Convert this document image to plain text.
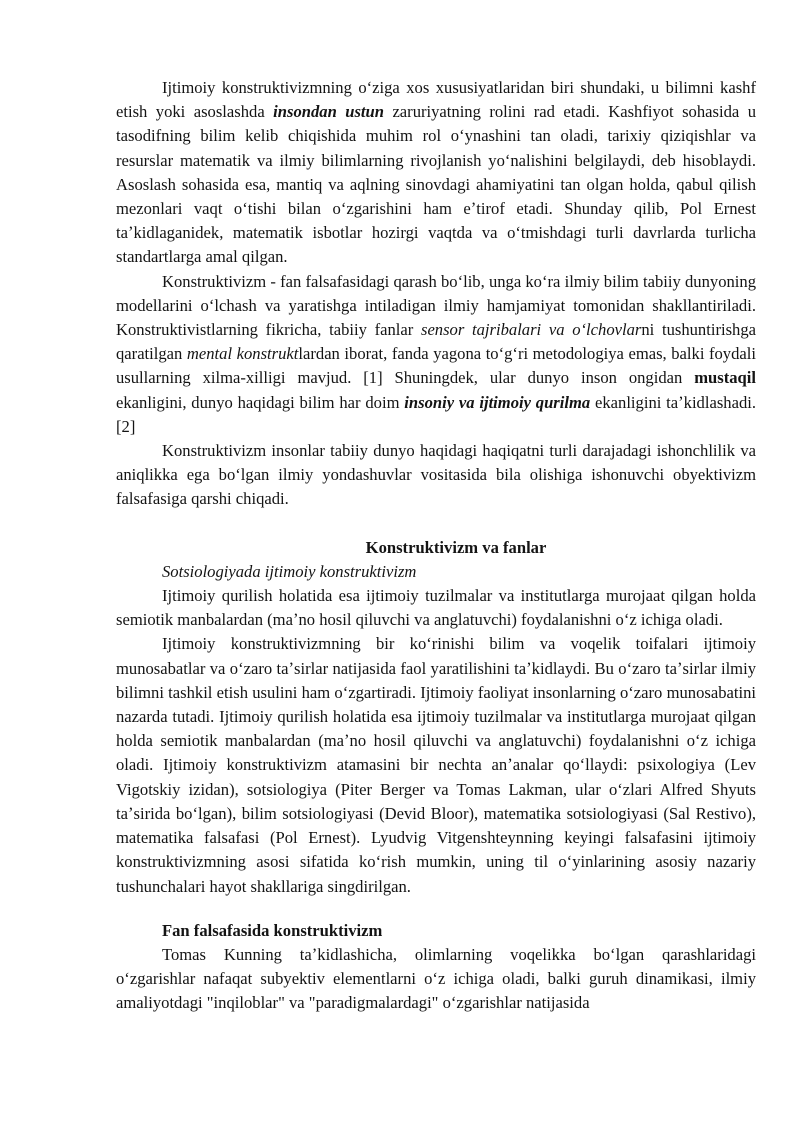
Ijtimoiy konstruktivizmning oʻziga xos xususiyatlaridan biri shundaki, u bilimni kashf etish yoki asoslashda insondan ustun zaruriyatning rolini rad etadi. Kashfiyot sohasida u tasodifning bilim kelib chiqishida muhim rol oʻynashini tan oladi, tarixiy qiziqishlar va resurslar matematik va ilmiy bilimlarning rivojlanish yoʻnalishini belgilaydi, deb hisoblaydi. Asoslash sohasida esa, mantiq va aqlning sinovdagi ahamiyatini tan olgan holda, qabul qilish mezonlari vaqt oʻtishi bilan oʻzgarishini ham eʼtirof etadi. Shunday qilib, Pol Ernest taʼkidlaganidek, matematik isbotlar hozirgi vaqtda va oʻtmishdagi turli davrlarda turlicha standartlarga amal qilgan.

Konstruktivizm - fan falsafasidagi qarash boʻlib, unga koʻra ilmiy bilim tabiiy dunyoning modellarini oʻlchash va yaratishga intiladigan ilmiy hamjamiyat tomonidan shakllantiriladi. Konstruktivistlarning fikricha, tabiiy fanlar sensor tajribalari va oʻlchovlarni tushuntirishga qaratilgan mental konstruktlardan iborat, fanda yagona toʻgʻri metodologiya emas, balki foydali usullarning xilma-xilligi mavjud. [1] Shuningdek, ular dunyo inson ongidan mustaqil ekanligini, dunyo haqidagi bilim har doim insoniy va ijtimoiy qurilma ekanligini taʼkidlashadi. [2]

Konstruktivizm insonlar tabiiy dunyo haqidagi haqiqatni turli darajadagi ishonchlilik va aniqlikka ega boʻlgan ilmiy yondashuvlar vositasida bila olishiga ishonuvchi obyektivizm falsafasiga qarshi chiqadi.

Konstruktivizm va fanlar

Sotsiologiyada ijtimoiy konstruktivizm

Ijtimoiy qurilish holatida esa ijtimoiy tuzilmalar va institutlarga murojaat qilgan holda semiotik manbalardan (maʼno hosil qiluvchi va anglatuvchi) foydalanishni oʻz ichiga oladi.

Ijtimoiy konstruktivizmning bir koʻrinishi bilim va voqelik toifalari ijtimoiy munosabatlar va oʻzaro taʼsirlar natijasida faol yaratilishini taʼkidlaydi. Bu oʻzaro taʼsirlar ilmiy bilimni tashkil etish usulini ham oʻzgartiradi. Ijtimoiy faoliyat insonlarning oʻzaro munosabatini nazarda tutadi. Ijtimoiy qurilish holatida esa ijtimoiy tuzilmalar va institutlarga murojaat qilgan holda semiotik manbalardan (maʼno hosil qiluvchi va anglatuvchi) foydalanishni oʻz ichiga oladi. Ijtimoiy konstruktivizm atamasini bir nechta anʼanalar qoʻllaydi: psixologiya (Lev Vigotskiy izidan), sotsiologiya (Piter Berger va Tomas Lakman, ular oʻzlari Alfred Shyuts taʼsirida boʻlgan), bilim sotsiologiyasi (Devid Bloor), matematika sotsiologiyasi (Sal Restivo), matematika falsafasi (Pol Ernest). Lyudvig Vitgenshteynning keyingi falsafasini ijtimoiy konstruktivizmning asosi sifatida koʻrish mumkin, uning til oʻyinlarining asosiy nazariy tushunchalari hayot shakllariga singdirilgan.

Fan falsafasida konstruktivizm

Tomas Kunning taʼkidlashicha, olimlarning voqelikka boʻlgan qarashlaridagi oʻzgarishlar nafaqat subyektiv elementlarni oʻz ichiga oladi, balki guruh dinamikasi, ilmiy amaliyotdagi "inqiloblar" va "paradigmalardagi" oʻzgarishlar natijasida
